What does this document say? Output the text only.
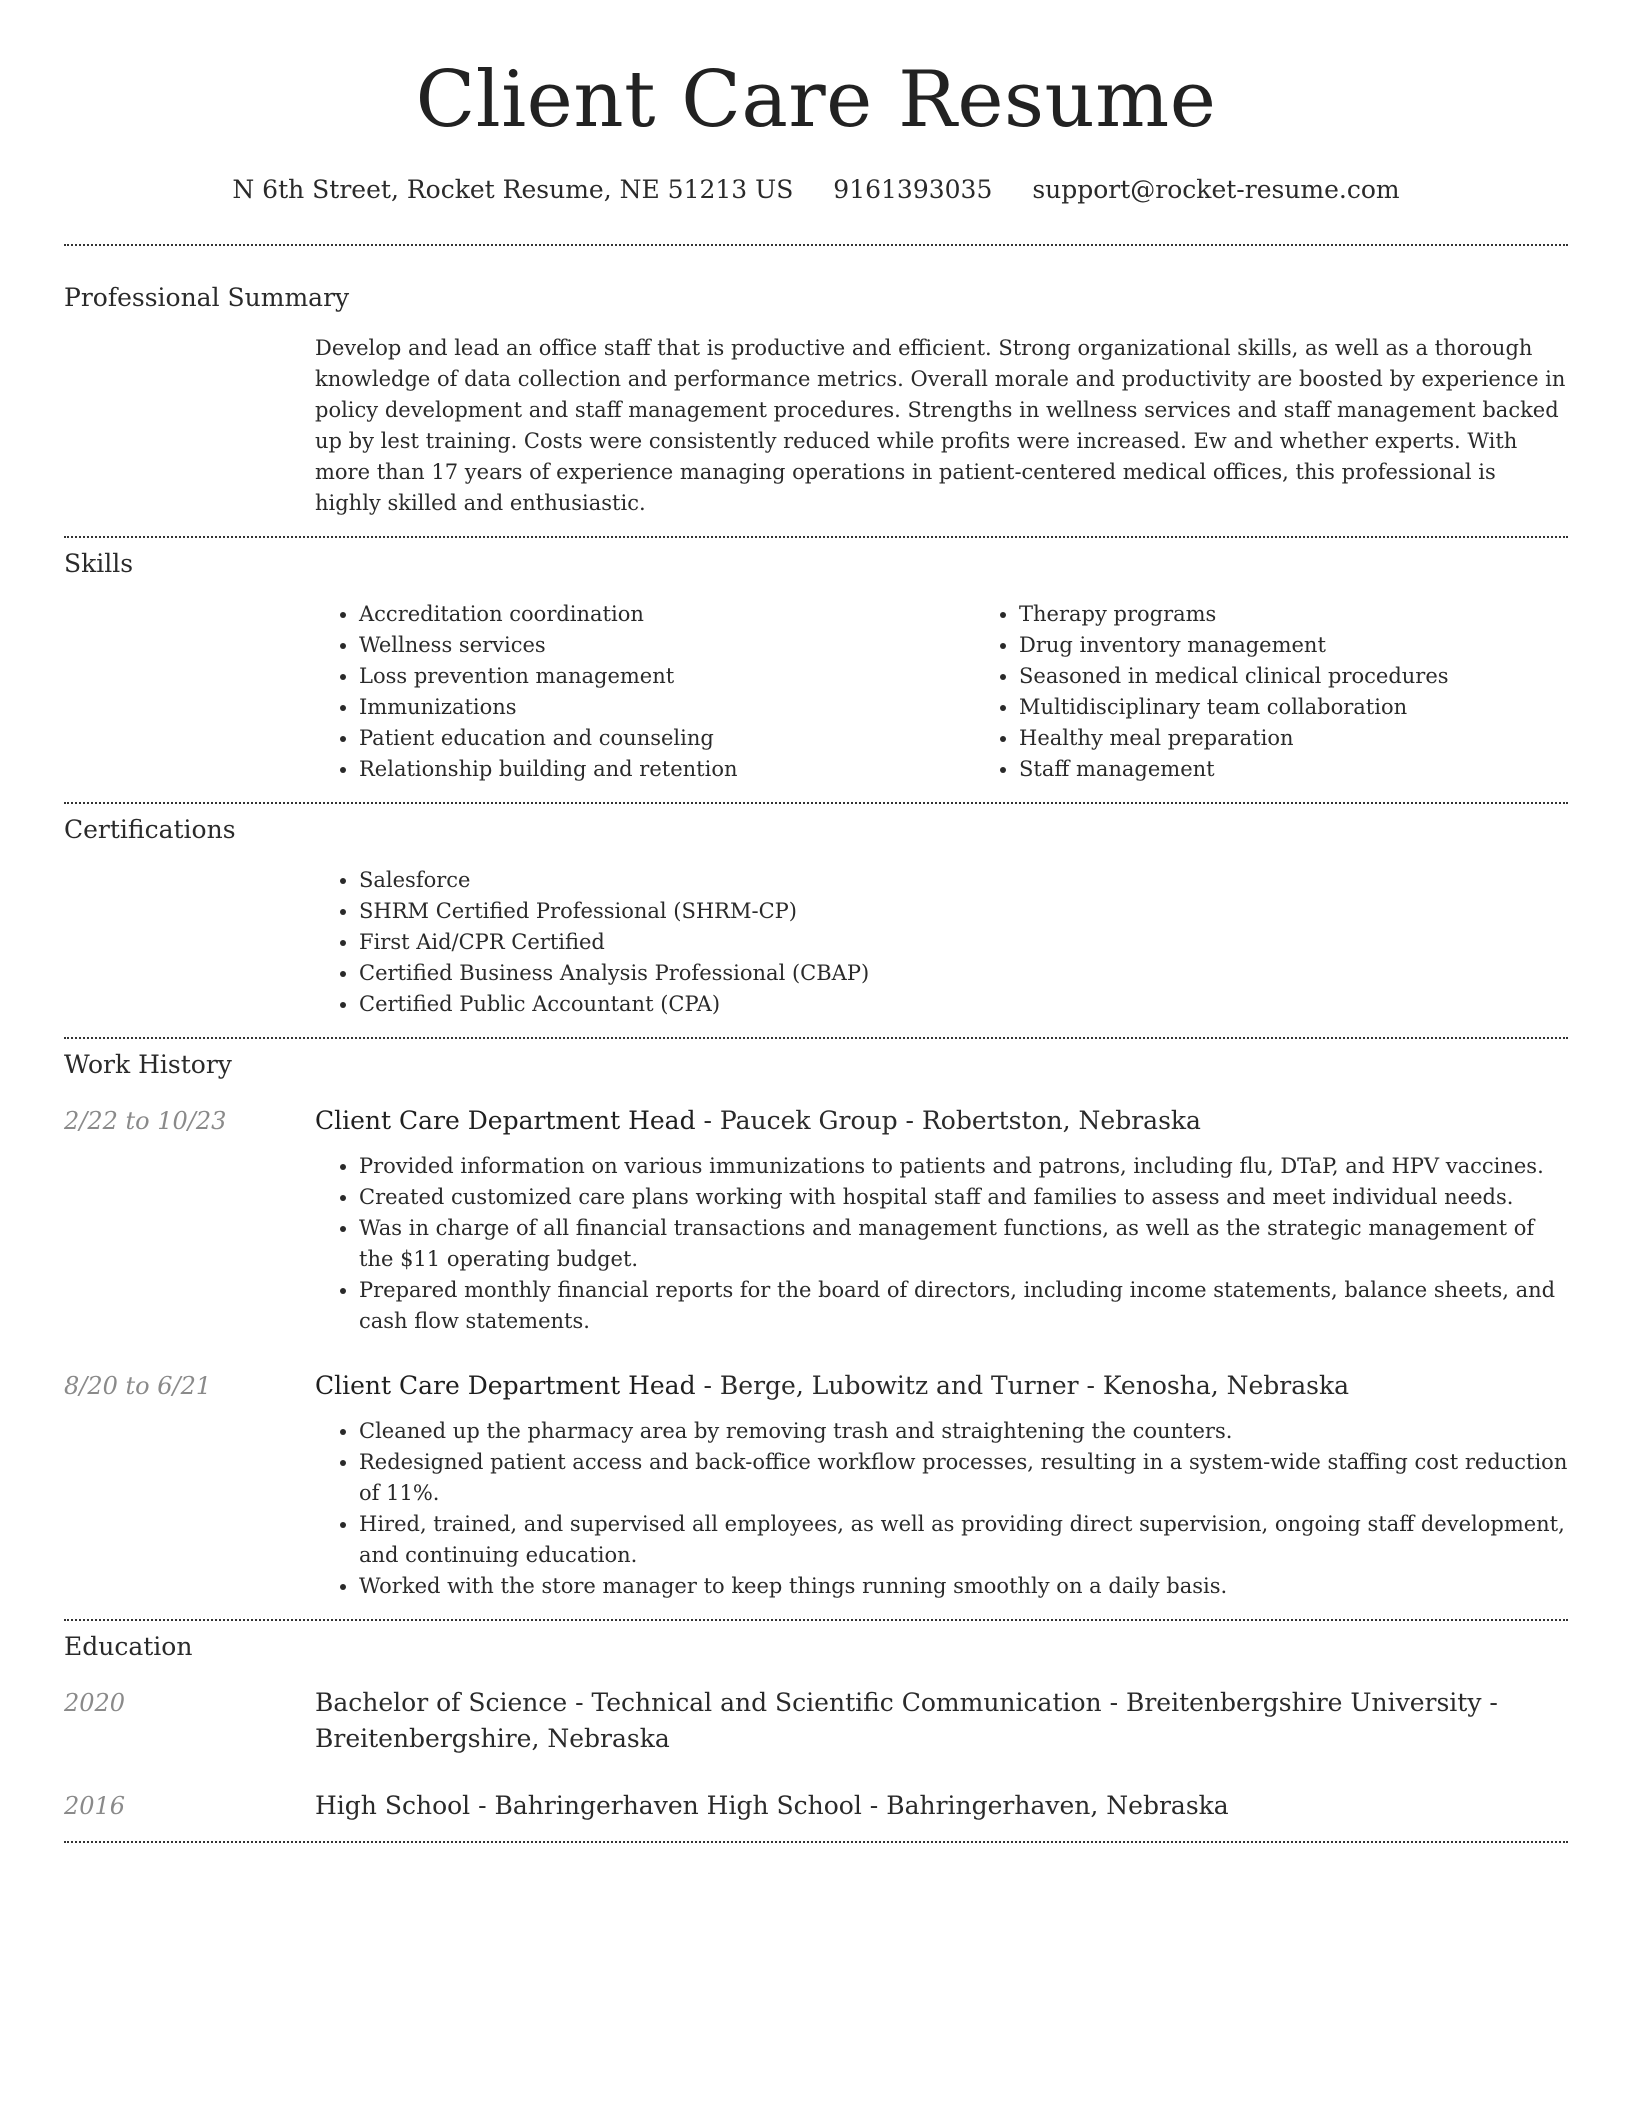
Client Care Resume
N 6th Street, Rocket Resume, NE 51213 US 9161393035 support@rocket-resume.com
Professional Summary

Develop and lead an office staff that is productive and efficient. Strong organizational skills, as well as a thorough knowledge of data collection and performance metrics. Overall morale and productivity are boosted by experience in policy development and staff management procedures. Strengths in wellness services and staff management backed up by lest training. Costs were consistently reduced while profits were increased. Ew and whether experts. With more than 17 years of experience managing operations in patient-centered medical offices, this professional is highly skilled and enthusiastic.

Skills
• Accreditation coordination
• Wellness services
• Loss prevention management
• Immunizations
• Patient education and counseling
• Relationship building and retention
• Therapy programs
• Drug inventory management
• Seasoned in medical clinical procedures
• Multidisciplinary team collaboration
• Healthy meal preparation
• Staff management
Certifications
• Salesforce
• SHRM Certified Professional (SHRM-CP)
• First Aid/CPR Certified
• Certified Business Analysis Professional (CBAP)
• Certified Public Accountant (CPA)
Work History
2/22 to 10/23	Client Care Department Head - Paucek Group - Robertston, Nebraska
• Provided information on various immunizations to patients and patrons, including flu, DTaP, and HPV vaccines.
• Created customized care plans working with hospital staff and families to assess and meet individual needs.
• Was in charge of all financial transactions and management functions, as well as the strategic management of the $11 operating budget.
• Prepared monthly financial reports for the board of directors, including income statements, balance sheets, and cash flow statements.
8/20 to 6/21	Client Care Department Head - Berge, Lubowitz and Turner - Kenosha, Nebraska
• Cleaned up the pharmacy area by removing trash and straightening the counters.
• Redesigned patient access and back-office workflow processes, resulting in a system-wide staffing cost reduction of 11%.
• Hired, trained, and supervised all employees, as well as providing direct supervision, ongoing staff development, and continuing education.
• Worked with the store manager to keep things running smoothly on a daily basis.
Education
2020	Bachelor of Science - Technical and Scientific Communication - Breitenbergshire University - Breitenbergshire, Nebraska
2016	High School - Bahringerhaven High School - Bahringerhaven, Nebraska
